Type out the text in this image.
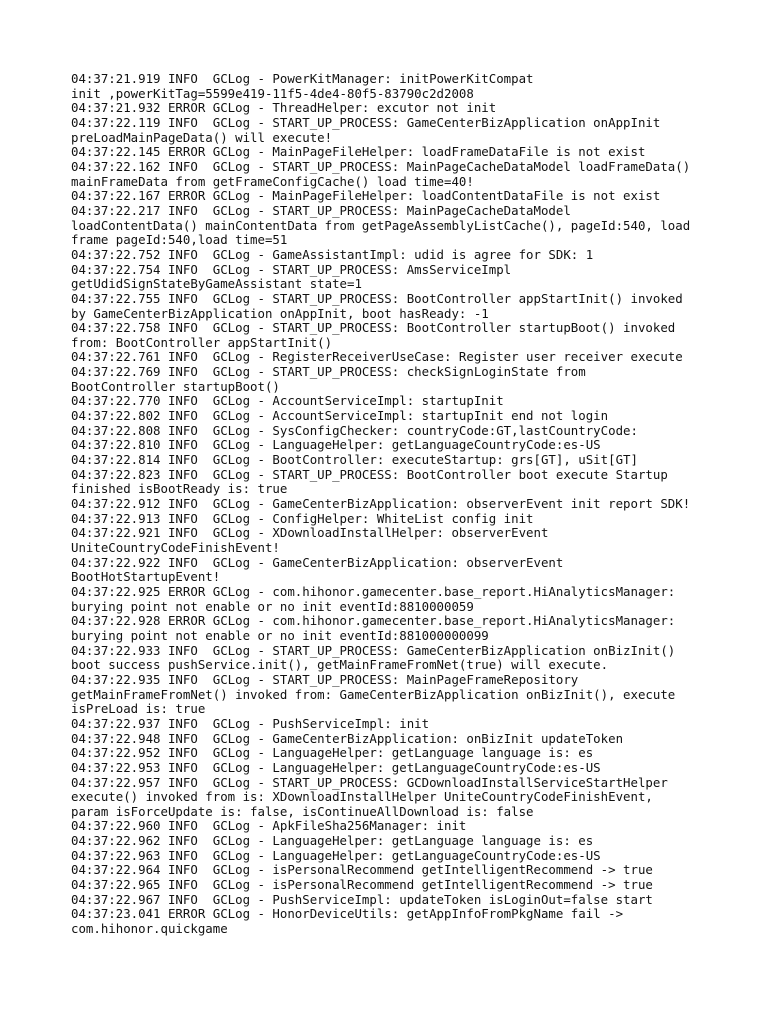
04:37:21.919 INFO  GCLog - PowerKitManager: initPowerKitCompat
init ,powerKitTag=5599e419-11f5-4de4-80f5-83790c2d2008
04:37:21.932 ERROR GCLog - ThreadHelper: excutor not init
04:37:22.119 INFO  GCLog - START_UP_PROCESS: GameCenterBizApplication onAppInit
preLoadMainPageData() will execute!
04:37:22.145 ERROR GCLog - MainPageFileHelper: loadFrameDataFile is not exist
04:37:22.162 INFO  GCLog - START_UP_PROCESS: MainPageCacheDataModel loadFrameData()
mainFrameData from getFrameConfigCache() load time=40!
04:37:22.167 ERROR GCLog - MainPageFileHelper: loadContentDataFile is not exist
04:37:22.217 INFO  GCLog - START_UP_PROCESS: MainPageCacheDataModel
loadContentData() mainContentData from getPageAssemblyListCache(), pageId:540, load
frame pageId:540,load time=51
04:37:22.752 INFO  GCLog - GameAssistantImpl: udid is agree for SDK: 1
04:37:22.754 INFO  GCLog - START_UP_PROCESS: AmsServiceImpl
getUdidSignStateByGameAssistant state=1
04:37:22.755 INFO  GCLog - START_UP_PROCESS: BootController appStartInit() invoked
by GameCenterBizApplication onAppInit, boot hasReady: -1
04:37:22.758 INFO  GCLog - START_UP_PROCESS: BootController startupBoot() invoked
from: BootController appStartInit()
04:37:22.761 INFO  GCLog - RegisterReceiverUseCase: Register user receiver execute
04:37:22.769 INFO  GCLog - START_UP_PROCESS: checkSignLoginState from
BootController startupBoot()
04:37:22.770 INFO  GCLog - AccountServiceImpl: startupInit
04:37:22.802 INFO  GCLog - AccountServiceImpl: startupInit end not login
04:37:22.808 INFO  GCLog - SysConfigChecker: countryCode:GT,lastCountryCode:
04:37:22.810 INFO  GCLog - LanguageHelper: getLanguageCountryCode:es-US
04:37:22.814 INFO  GCLog - BootController: executeStartup: grs[GT], uSit[GT]
04:37:22.823 INFO  GCLog - START_UP_PROCESS: BootController boot execute Startup
finished isBootReady is: true
04:37:22.912 INFO  GCLog - GameCenterBizApplication: observerEvent init report SDK!
04:37:22.913 INFO  GCLog - ConfigHelper: WhiteList config init
04:37:22.921 INFO  GCLog - XDownloadInstallHelper: observerEvent
UniteCountryCodeFinishEvent!
04:37:22.922 INFO  GCLog - GameCenterBizApplication: observerEvent
BootHotStartupEvent!
04:37:22.925 ERROR GCLog - com.hihonor.gamecenter.base_report.HiAnalyticsManager:
burying point not enable or no init eventId:8810000059
04:37:22.928 ERROR GCLog - com.hihonor.gamecenter.base_report.HiAnalyticsManager:
burying point not enable or no init eventId:881000000099
04:37:22.933 INFO  GCLog - START_UP_PROCESS: GameCenterBizApplication onBizInit()
boot success pushService.init(), getMainFrameFromNet(true) will execute.
04:37:22.935 INFO  GCLog - START_UP_PROCESS: MainPageFrameRepository
getMainFrameFromNet() invoked from: GameCenterBizApplication onBizInit(), execute
isPreLoad is: true
04:37:22.937 INFO  GCLog - PushServiceImpl: init
04:37:22.948 INFO  GCLog - GameCenterBizApplication: onBizInit updateToken
04:37:22.952 INFO  GCLog - LanguageHelper: getLanguage language is: es
04:37:22.953 INFO  GCLog - LanguageHelper: getLanguageCountryCode:es-US
04:37:22.957 INFO  GCLog - START_UP_PROCESS: GCDownloadInstallServiceStartHelper
execute() invoked from is: XDownloadInstallHelper UniteCountryCodeFinishEvent,
param isForceUpdate is: false, isContinueAllDownload is: false
04:37:22.960 INFO  GCLog - ApkFileSha256Manager: init
04:37:22.962 INFO  GCLog - LanguageHelper: getLanguage language is: es
04:37:22.963 INFO  GCLog - LanguageHelper: getLanguageCountryCode:es-US
04:37:22.964 INFO  GCLog - isPersonalRecommend getIntelligentRecommend -> true
04:37:22.965 INFO  GCLog - isPersonalRecommend getIntelligentRecommend -> true
04:37:22.967 INFO  GCLog - PushServiceImpl: updateToken isLoginOut=false start
04:37:23.041 ERROR GCLog - HonorDeviceUtils: getAppInfoFromPkgName fail ->
com.hihonor.quickgame
